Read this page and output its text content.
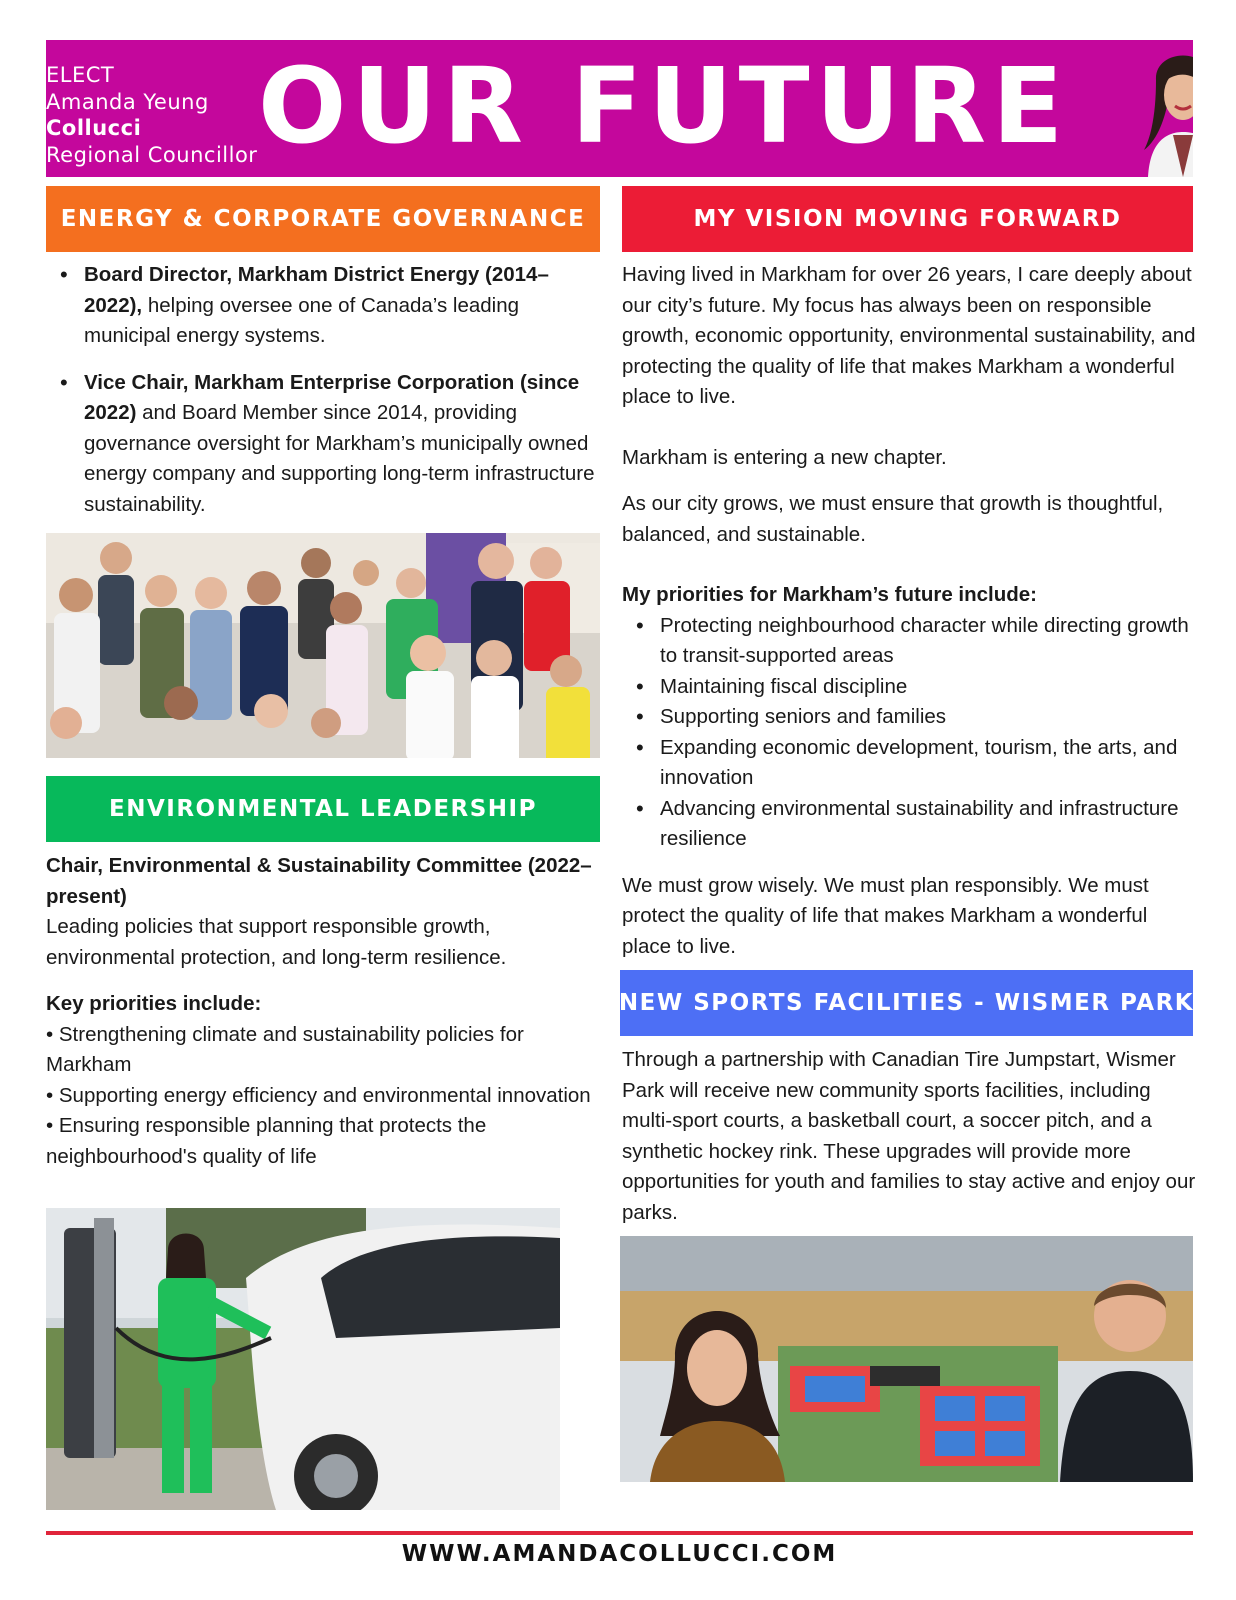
ELECT
Amanda Yeung
Collucci
Regional Councillor OUR FUTURE
ENERGY & CORPORATE GOVERNANCE
• Board Director, Markham District Energy (2014–2022), helping oversee one of Canada’s leading municipal energy systems.
• Vice Chair, Markham Enterprise Corporation (since 2022) and Board Member since 2014, providing governance oversight for Markham’s municipally owned energy company and supporting long-term infrastructure sustainability.
ENVIRONMENTAL LEADERSHIP
Chair, Environmental & Sustainability Committee (2022–present)
Leading policies that support responsible growth, environmental protection, and long-term resilience.
Key priorities include:
• Strengthening climate and sustainability policies for Markham
• Supporting energy efficiency and environmental innovation
• Ensuring responsible planning that protects the neighbourhood's quality of life
MY VISION MOVING FORWARD

Having lived in Markham for over 26 years, I care deeply about our city’s future. My focus has always been on responsible growth, economic opportunity, environmental sustainability, and protecting the quality of life that makes Markham a wonderful place to live.

Markham is entering a new chapter.

As our city grows, we must ensure that growth is thoughtful, balanced, and sustainable.

My priorities for Markham’s future include:

• Protecting neighbourhood character while directing growth to transit-supported areas
• Maintaining fiscal discipline
• Supporting seniors and families
• Expanding economic development, tourism, the arts, and innovation
• Advancing environmental sustainability and infrastructure resilience

We must grow wisely. We must plan responsibly. We must protect the quality of life that makes Markham a wonderful place to live.

NEW SPORTS FACILITIES - WISMER PARK
Through a partnership with Canadian Tire Jumpstart, Wismer Park will receive new community sports facilities, including multi-sport courts, a basketball court, a soccer pitch, and a synthetic hockey rink. These upgrades will provide more opportunities for youth and families to stay active and enjoy our parks.
WWW.AMANDACOLLUCCI.COM
